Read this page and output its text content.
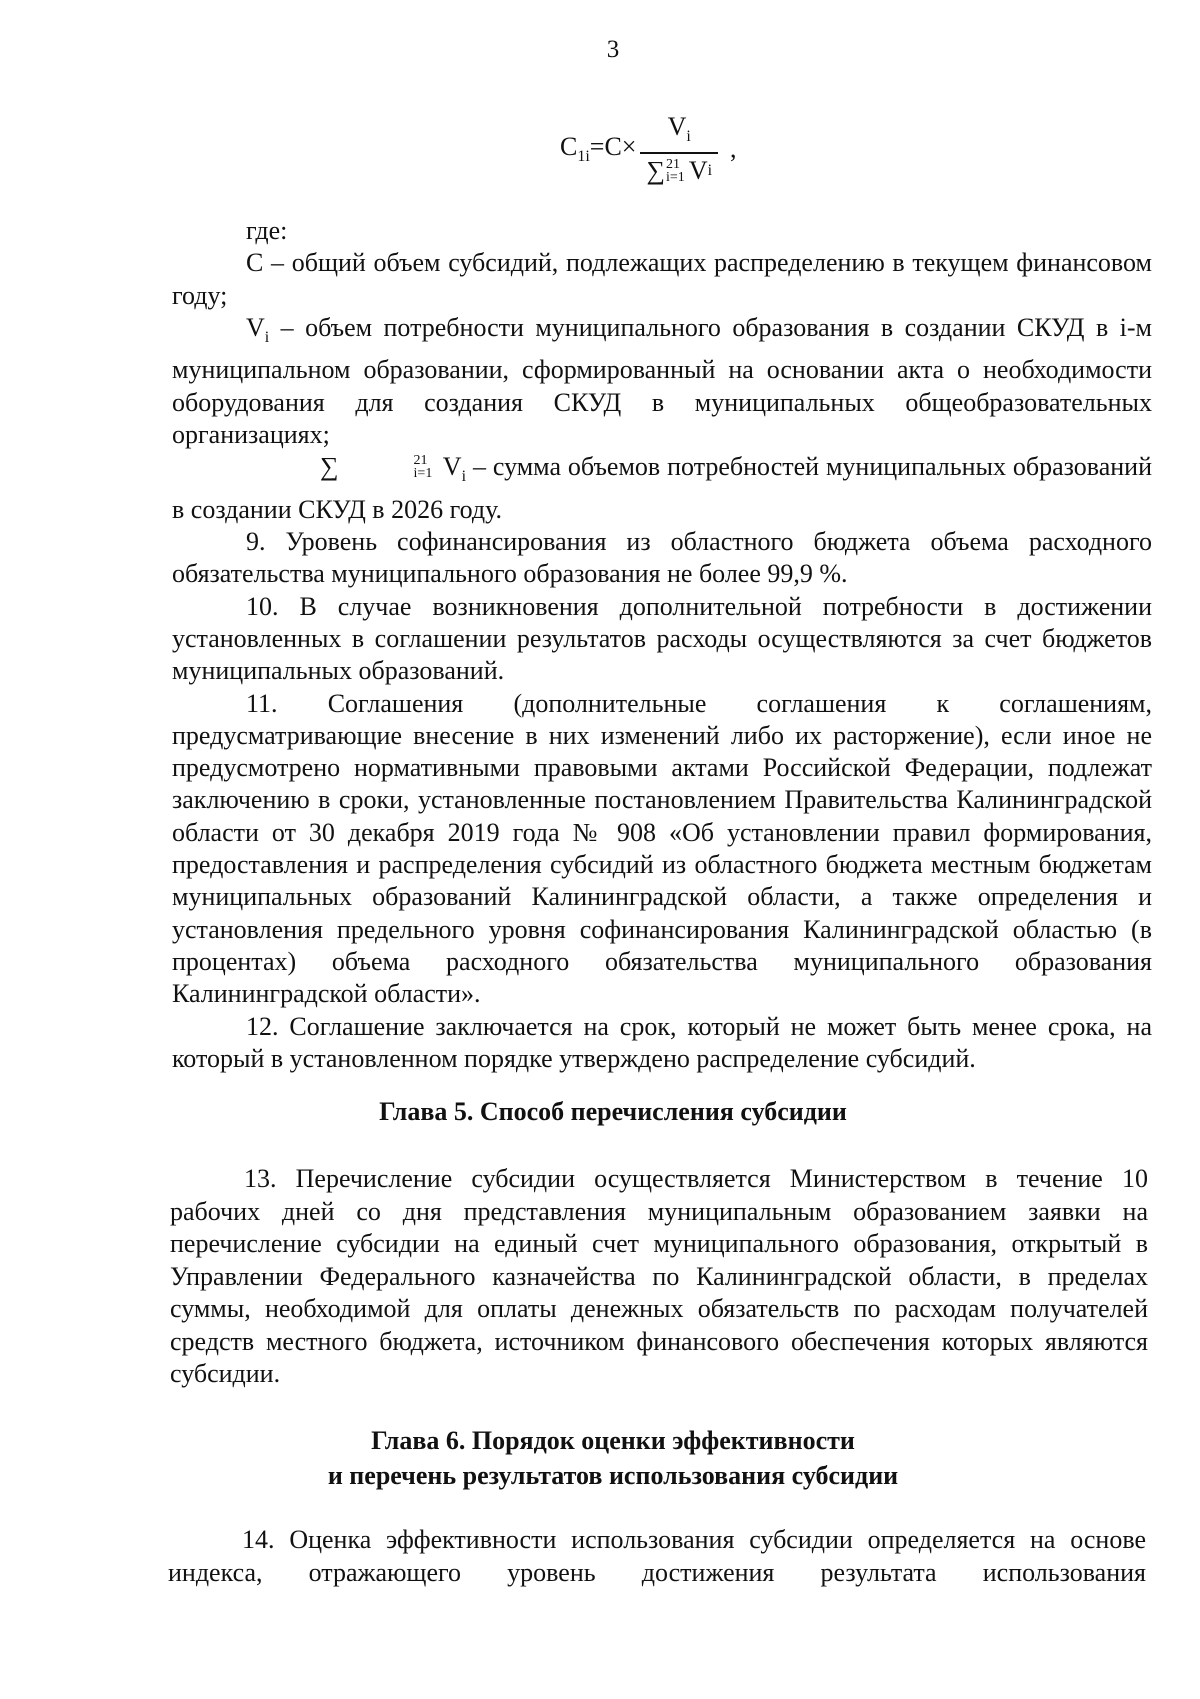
3
$C_{1i}=C\times V_i$
∑ 21
i=1 V i ,

где:

С – общий объем субсидий, подлежащих распределению в текущем финансовом году;

$V_i$ – объем потребности муниципального образования в создании СКУД в i-м муниципальном образовании, сформированный на основании акта о необходимости оборудования для создания СКУД в муниципальных общеобразовательных организациях;

∑	21
i=1 $V_i$ – сумма объемов потребностей муниципальных образований в создании СКУД в 2026 году.

9. Уровень софинансирования из областного бюджета объема расходного обязательства муниципального образования не более 99,9 %.

10. В случае возникновения дополнительной потребности в достижении установленных в соглашении результатов расходы осуществляются за счет бюджетов муниципальных образований.

11. Соглашения (дополнительные соглашения к соглашениям, предусматривающие внесение в них изменений либо их расторжение), если иное не предусмотрено нормативными правовыми актами Российской Федерации, подлежат заключению в сроки, установленные постановлением Правительства Калининградской области от 30 декабря 2019 года № 908 «Об установлении правил формирования, предоставления и распределения субсидий из областного бюджета местным бюджетам муниципальных образований Калининградской области, а также определения и установления предельного уровня софинансирования Калининградской областью (в процентах) объема расходного обязательства муниципального образования Калининградской области».

12. Соглашение заключается на срок, который не может быть менее срока, на который в установленном порядке утверждено распределение субсидий.

Глава 5. Способ перечисления субсидии

13. Перечисление субсидии осуществляется Министерством в течение 10 рабочих дней со дня представления муниципальным образованием заявки на перечисление субсидии на единый счет муниципального образования, открытый в Управлении Федерального казначейства по Калининградской области, в пределах суммы, необходимой для оплаты денежных обязательств по расходам получателей средств местного бюджета, источником финансового обеспечения которых являются субсидии.

Глава 6. Порядок оценки эффективности
и перечень результатов использования субсидии

14. Оценка эффективности использования субсидии определяется на основе индекса, отражающего уровень достижения результата использования
